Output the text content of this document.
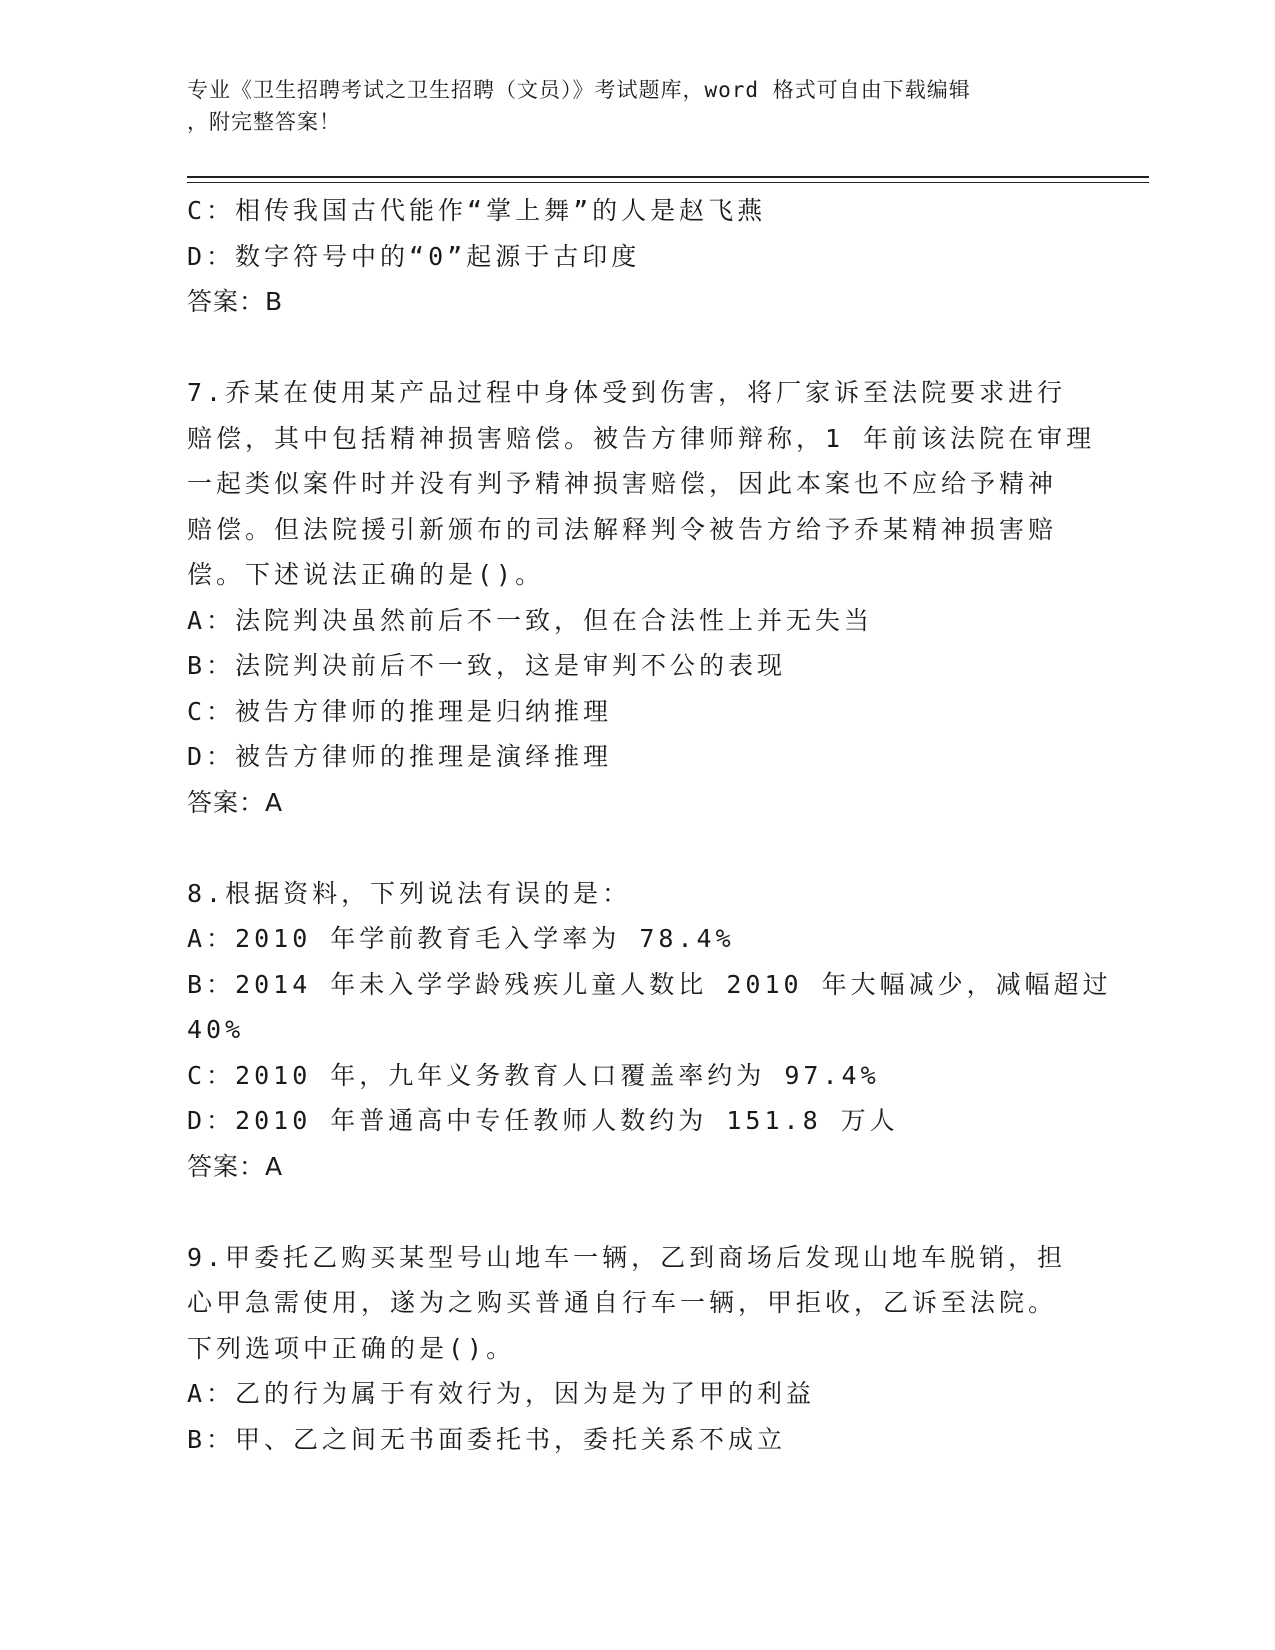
专业《卫生招聘考试之卫生招聘（文员）》考试题库，word 格式可自由下载编辑
，附完整答案！
C：相传我国古代能作“掌上舞”的人是赵飞燕
D：数字符号中的“0”起源于古印度
答案：B
7.乔某在使用某产品过程中身体受到伤害，将厂家诉至法院要求进行
赔偿，其中包括精神损害赔偿。被告方律师辩称，1 年前该法院在审理
一起类似案件时并没有判予精神损害赔偿，因此本案也不应给予精神
赔偿。但法院援引新颁布的司法解释判令被告方给予乔某精神损害赔
偿。下述说法正确的是()。
A：法院判决虽然前后不一致，但在合法性上并无失当
B：法院判决前后不一致，这是审判不公的表现
C：被告方律师的推理是归纳推理
D：被告方律师的推理是演绎推理
答案：A
8.根据资料，下列说法有误的是：
A：2010 年学前教育毛入学率为 78.4%
B：2014 年未入学学龄残疾儿童人数比 2010 年大幅减少，减幅超过
40%
C：2010 年，九年义务教育人口覆盖率约为 97.4%
D：2010 年普通高中专任教师人数约为 151.8 万人
答案：A
9.甲委托乙购买某型号山地车一辆，乙到商场后发现山地车脱销，担
心甲急需使用，遂为之购买普通自行车一辆，甲拒收，乙诉至法院。
下列选项中正确的是()。
A：乙的行为属于有效行为，因为是为了甲的利益
B：甲、乙之间无书面委托书，委托关系不成立
